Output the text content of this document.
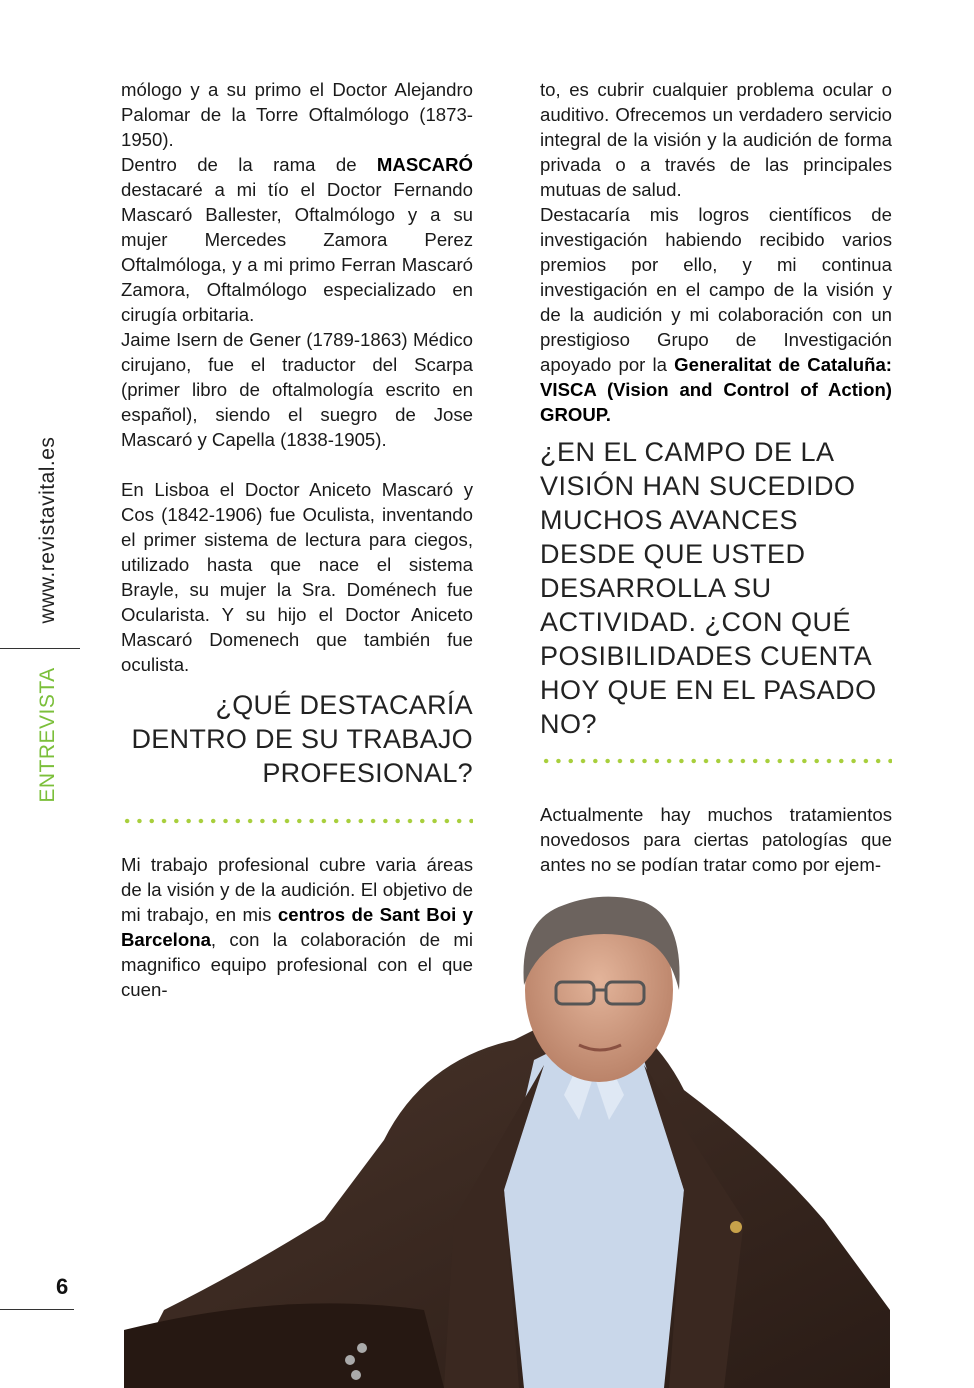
www.revistavital.es
ENTREVISTA

mólogo y a su primo el Doctor Alejandro Palomar de la Torre Oftalmólogo (1873-1950).

Dentro de la rama de MASCARÓ destacaré a mi tío el Doctor Fernando Mascaró Ballester, Oftalmólogo y a su mujer Mercedes Zamora Perez Oftalmóloga, y a mi primo Ferran Mascaró Zamora, Oftalmólogo especializado en cirugía orbitaria.

Jaime Isern de Gener (1789-1863) Médico cirujano, fue el traductor del Scarpa (primer libro de oftalmología escrito en español), siendo el suegro de Jose Mascaró y Capella (1838-1905).

En Lisboa el Doctor Aniceto Mascaró y Cos (1842-1906) fue Oculista, inventando el primer sistema de lectura para ciegos, utilizado hasta que nace el sistema Brayle, su mujer la Sra. Doménech fue Ocularista. Y su hijo el Doctor Aniceto Mascaró Domenech que también fue oculista.

¿QUÉ DESTACARÍA DENTRO DE SU TRABAJO PROFESIONAL?

Mi trabajo profesional cubre varia áreas de la visión y de la audición. El objetivo de mi trabajo, en mis centros de Sant Boi y Barcelona, con la colaboración de mi magnifico equipo profesional con el que cuen-

to, es cubrir cualquier problema ocular o auditivo. Ofrecemos un verdadero servicio integral de la visión y la audición de forma privada o a través de las principales mutuas de salud.

Destacaría mis logros científicos de investigación habiendo recibido varios premios por ello, y mi continua investigación en el campo de la visión y de la audición y mi colaboración con un prestigioso Grupo de Investigación apoyado por la Generalitat de Cataluña: VISCA (Vision and Control of Action) GROUP.

¿EN EL CAMPO DE LA VISIÓN HAN SUCEDIDO MUCHOS AVANCES DESDE QUE USTED DESARROLLA SU ACTIVIDAD. ¿CON QUÉ POSIBILIDADES CUENTA HOY QUE EN EL PASADO NO?

Actualmente hay muchos tratamientos novedosos para ciertas patologías que antes no se podían tratar como por ejem-

6
